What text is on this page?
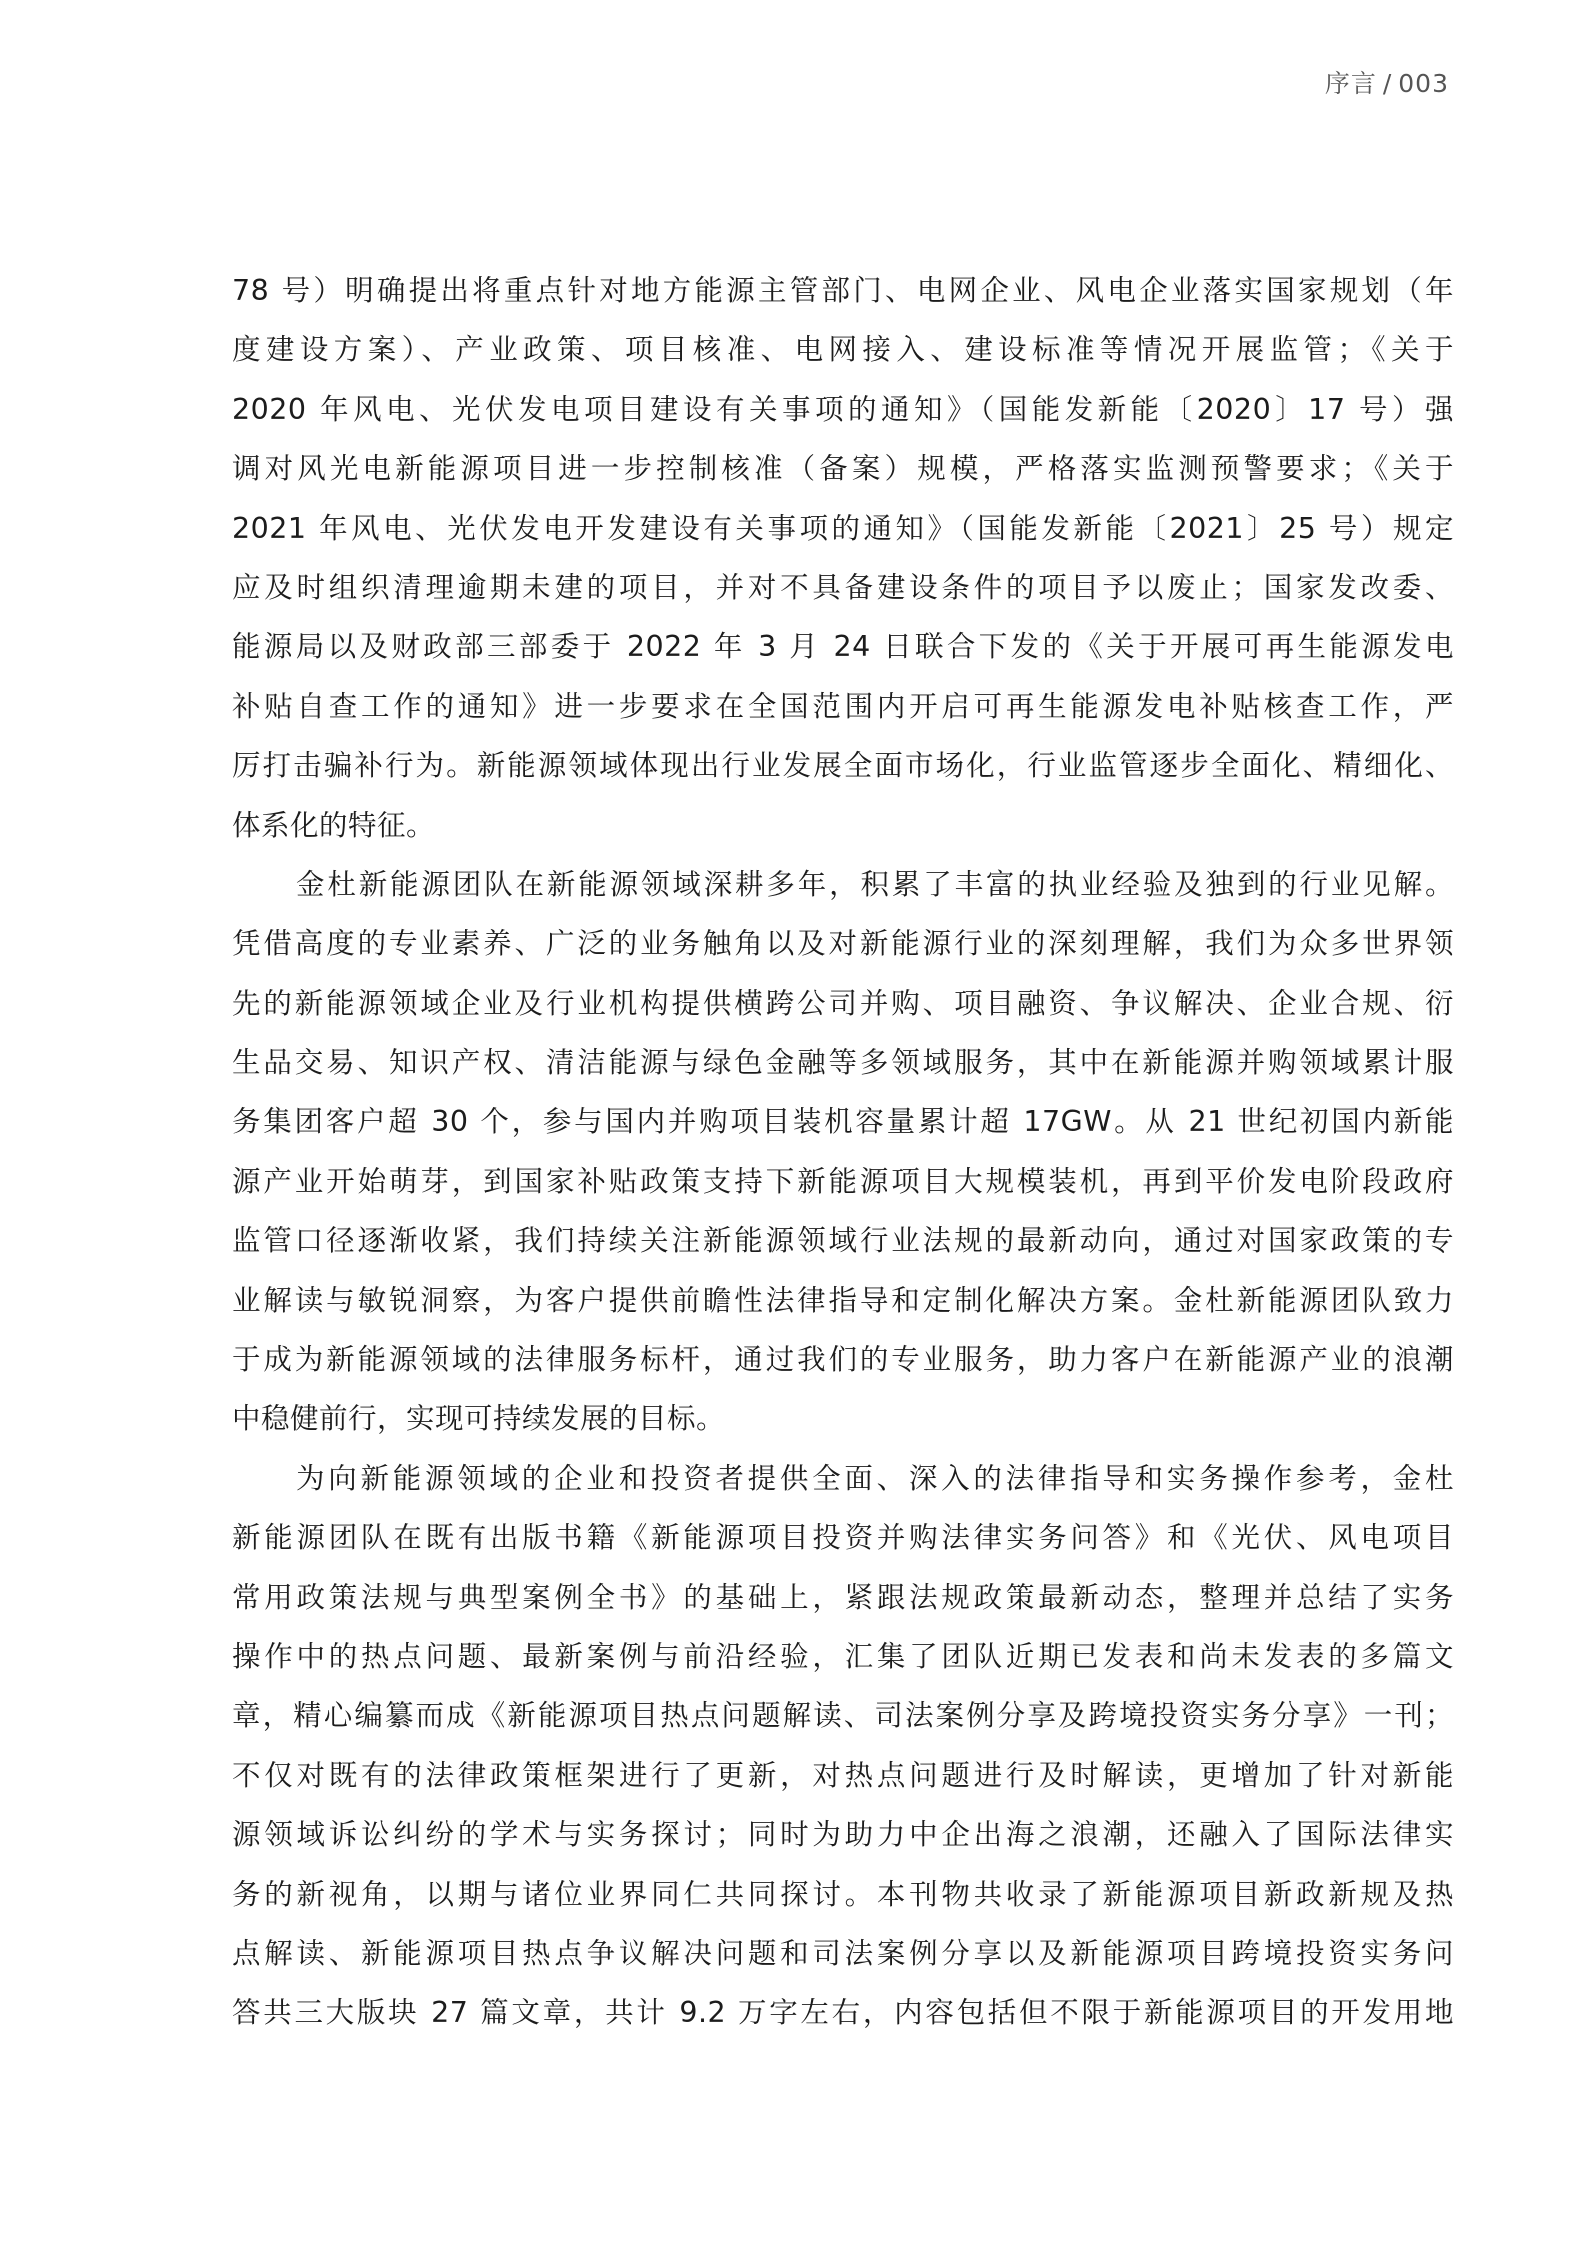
序言 / 003
78 号）明确提出将重点针对地方能源主管部门、电网企业、风电企业落实国家规划（年
度建设方案）、产业政策、项目核准、电网接入、建设标准等情况开展监管；《关于
2020 年风电、光伏发电项目建设有关事项的通知》（国能发新能〔2020〕17 号）强
调对风光电新能源项目进一步控制核准（备案）规模，严格落实监测预警要求；《关于
2021 年风电、光伏发电开发建设有关事项的通知》（国能发新能〔2021〕25 号）规定
应及时组织清理逾期未建的项目，并对不具备建设条件的项目予以废止；国家发改委、
能源局以及财政部三部委于 2022 年 3 月 24 日联合下发的《关于开展可再生能源发电
补贴自查工作的通知》进一步要求在全国范围内开启可再生能源发电补贴核查工作，严
厉打击骗补行为。新能源领域体现出行业发展全面市场化，行业监管逐步全面化、精细化、
体系化的特征。
金杜新能源团队在新能源领域深耕多年，积累了丰富的执业经验及独到的行业见解。
凭借高度的专业素养、广泛的业务触角以及对新能源行业的深刻理解，我们为众多世界领
先的新能源领域企业及行业机构提供横跨公司并购、项目融资、争议解决、企业合规、衍
生品交易、知识产权、清洁能源与绿色金融等多领域服务，其中在新能源并购领域累计服
务集团客户超 30 个，参与国内并购项目装机容量累计超 17GW。从 21 世纪初国内新能
源产业开始萌芽，到国家补贴政策支持下新能源项目大规模装机，再到平价发电阶段政府
监管口径逐渐收紧，我们持续关注新能源领域行业法规的最新动向，通过对国家政策的专
业解读与敏锐洞察，为客户提供前瞻性法律指导和定制化解决方案。金杜新能源团队致力
于成为新能源领域的法律服务标杆，通过我们的专业服务，助力客户在新能源产业的浪潮
中稳健前行，实现可持续发展的目标。
为向新能源领域的企业和投资者提供全面、深入的法律指导和实务操作参考，金杜
新能源团队在既有出版书籍《新能源项目投资并购法律实务问答》和《光伏、风电项目
常用政策法规与典型案例全书》的基础上，紧跟法规政策最新动态，整理并总结了实务
操作中的热点问题、最新案例与前沿经验，汇集了团队近期已发表和尚未发表的多篇文
章，精心编纂而成《新能源项目热点问题解读、司法案例分享及跨境投资实务分享》一刊；
不仅对既有的法律政策框架进行了更新，对热点问题进行及时解读，更增加了针对新能
源领域诉讼纠纷的学术与实务探讨；同时为助力中企出海之浪潮，还融入了国际法律实
务的新视角，以期与诸位业界同仁共同探讨。本刊物共收录了新能源项目新政新规及热
点解读、新能源项目热点争议解决问题和司法案例分享以及新能源项目跨境投资实务问
答共三大版块 27 篇文章，共计 9.2 万字左右，内容包括但不限于新能源项目的开发用地
